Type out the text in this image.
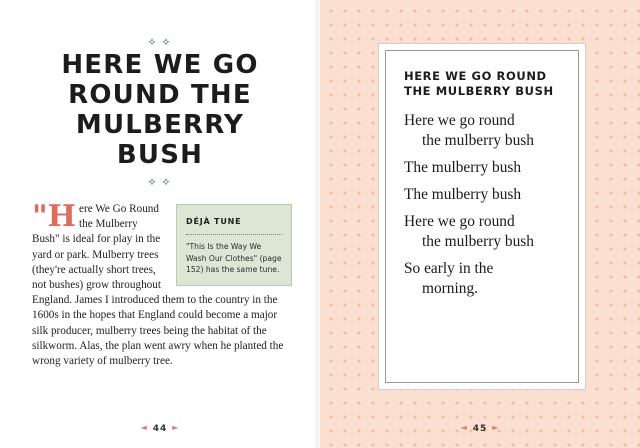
⟡ ⟡
HERE WE GO ROUND THE MULBERRY BUSH
⟡ ⟡
DÉJÀ TUNE
"This Is the Way We Wash Our Clothes" (page 152) has the same tune.
" H ere We Go Round the Mulberry Bush" is ideal for play in the yard or park. Mulberry trees (they're actually short trees, not bushes) grow throughout England. James I introduced them to the country in the 1600s in the hopes that England could become a major silk producer, mulberry trees being the habitat of the silkworm. Alas, the plan went awry when he planted the wrong variety of mulberry tree.
◄ 44 ►
HERE WE GO ROUND THE MULBERRY BUSH
Here we go round
the mulberry bush
The mulberry bush
The mulberry bush
Here we go round
the mulberry bush
So early in the
morning.
◄ 45 ►
